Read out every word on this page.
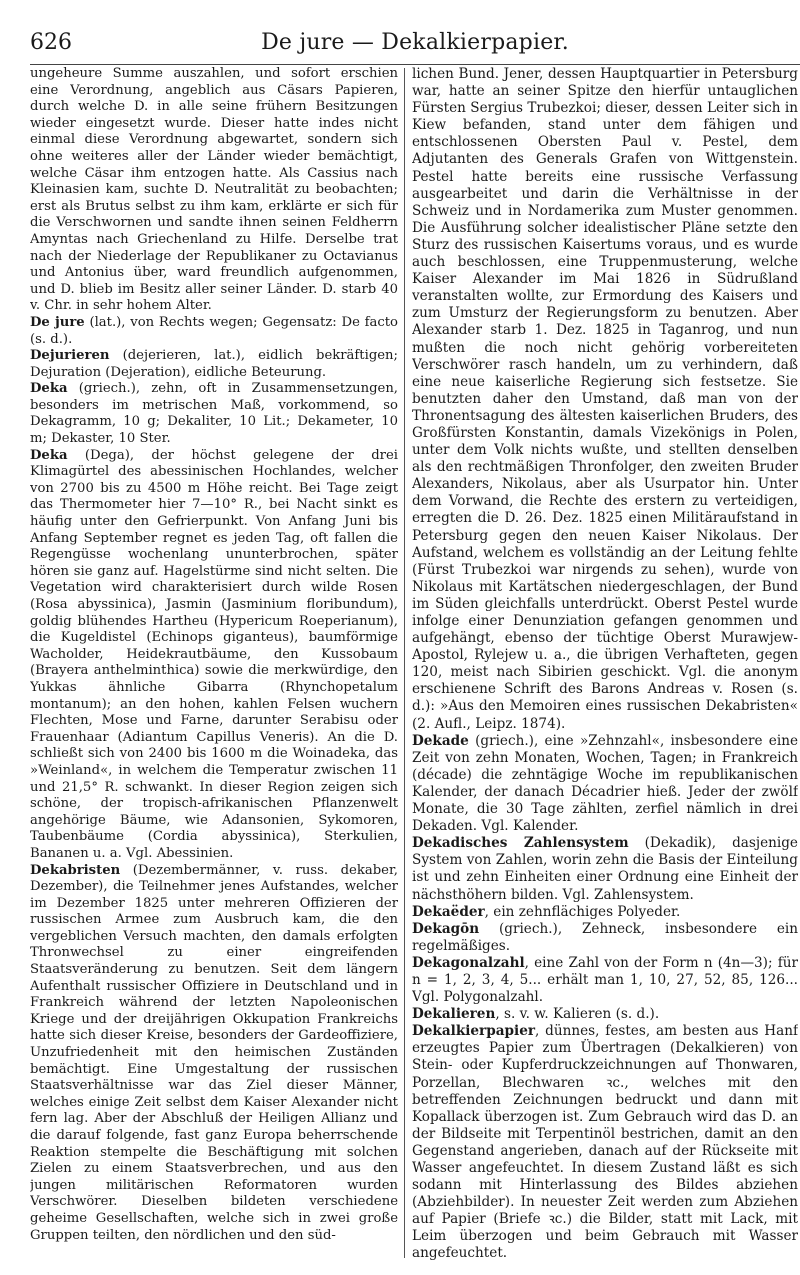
626	De jure — Dekalkierpapier.

ungeheure Summe auszahlen, und sofort erschien eine Verordnung, angeblich aus Cäsars Papieren, durch welche D. in alle seine frühern Besitzungen wieder eingesetzt wurde. Dieser hatte indes nicht einmal diese Verordnung abgewartet, sondern sich ohne weiteres aller der Länder wieder bemächtigt, welche Cäsar ihm entzogen hatte. Als Cassius nach Kleinasien kam, suchte D. Neutralität zu beobachten; erst als Brutus selbst zu ihm kam, erklärte er sich für die Verschwornen und sandte ihnen seinen Feldherrn Amyntas nach Griechenland zu Hilfe. Derselbe trat nach der Niederlage der Republikaner zu Octavianus und Antonius über, ward freundlich aufgenommen, und D. blieb im Besitz aller seiner Länder. D. starb 40 v. Chr. in sehr hohem Alter.

De jure (lat.), von Rechts wegen; Gegensatz: De facto (s. d.).

Dejurieren (dejerieren, lat.), eidlich bekräftigen; Dejuration (Dejeration), eidliche Beteurung.

Deka (griech.), zehn, oft in Zusammensetzungen, besonders im metrischen Maß, vorkommend, so Dekagramm, 10 g; Dekaliter, 10 Lit.; Dekameter, 10 m; Dekaster, 10 Ster.

Deka (Dega), der höchst gelegene der drei Klimagürtel des abessinischen Hochlandes, welcher von 2700 bis zu 4500 m Höhe reicht. Bei Tage zeigt das Thermometer hier 7—10° R., bei Nacht sinkt es häufig unter den Gefrierpunkt. Von Anfang Juni bis Anfang September regnet es jeden Tag, oft fallen die Regengüsse wochenlang ununterbrochen, später hören sie ganz auf. Hagelstürme sind nicht selten. Die Vegetation wird charakterisiert durch wilde Rosen (Rosa abyssinica), Jasmin (Jasminium floribundum), goldig blühendes Hartheu (Hypericum Roeperianum), die Kugeldistel (Echinops giganteus), baumförmige Wacholder, Heidekrautbäume, den Kussobaum (Brayera anthelminthica) sowie die merkwürdige, den Yukkas ähnliche Gibarra (Rhynchopetalum montanum); an den hohen, kahlen Felsen wuchern Flechten, Mose und Farne, darunter Serabisu oder Frauenhaar (Adiantum Capillus Veneris). An die D. schließt sich von 2400 bis 1600 m die Woinadeka, das »Weinland«, in welchem die Temperatur zwischen 11 und 21,5° R. schwankt. In dieser Region zeigen sich schöne, der tropisch-afrikanischen Pflanzenwelt angehörige Bäume, wie Adansonien, Sykomoren, Taubenbäume (Cordia abyssinica), Sterkulien, Bananen u. a. Vgl. Abessinien.

Dekabristen (Dezembermänner, v. russ. dekaber, Dezember), die Teilnehmer jenes Aufstandes, welcher im Dezember 1825 unter mehreren Offizieren der russischen Armee zum Ausbruch kam, die den vergeblichen Versuch machten, den damals erfolgten Thronwechsel zu einer eingreifenden Staatsveränderung zu benutzen. Seit dem längern Aufenthalt russischer Offiziere in Deutschland und in Frankreich während der letzten Napoleonischen Kriege und der dreijährigen Okkupation Frankreichs hatte sich dieser Kreise, besonders der Gardeoffiziere, Unzufriedenheit mit den heimischen Zuständen bemächtigt. Eine Umgestaltung der russischen Staatsverhältnisse war das Ziel dieser Männer, welches einige Zeit selbst dem Kaiser Alexander nicht fern lag. Aber der Abschluß der Heiligen Allianz und die darauf folgende, fast ganz Europa beherrschende Reaktion stempelte die Beschäftigung mit solchen Zielen zu einem Staatsverbrechen, und aus den jungen militärischen Reformatoren wurden Verschwörer. Dieselben bildeten verschiedene geheime Gesellschaften, welche sich in zwei große Gruppen teilten, den nördlichen und den süd-

lichen Bund. Jener, dessen Hauptquartier in Petersburg war, hatte an seiner Spitze den hierfür untauglichen Fürsten Sergius Trubezkoi; dieser, dessen Leiter sich in Kiew befanden, stand unter dem fähigen und entschlossenen Obersten Paul v. Pestel, dem Adjutanten des Generals Grafen von Wittgenstein. Pestel hatte bereits eine russische Verfassung ausgearbeitet und darin die Verhältnisse in der Schweiz und in Nordamerika zum Muster genommen. Die Ausführung solcher idealistischer Pläne setzte den Sturz des russischen Kaisertums voraus, und es wurde auch beschlossen, eine Truppenmusterung, welche Kaiser Alexander im Mai 1826 in Südrußland veranstalten wollte, zur Ermordung des Kaisers und zum Umsturz der Regierungsform zu benutzen. Aber Alexander starb 1. Dez. 1825 in Taganrog, und nun mußten die noch nicht gehörig vorbereiteten Verschwörer rasch handeln, um zu verhindern, daß eine neue kaiserliche Regierung sich festsetze. Sie benutzten daher den Umstand, daß man von der Thronentsagung des ältesten kaiserlichen Bruders, des Großfürsten Konstantin, damals Vizekönigs in Polen, unter dem Volk nichts wußte, und stellten denselben als den rechtmäßigen Thronfolger, den zweiten Bruder Alexanders, Nikolaus, aber als Usurpator hin. Unter dem Vorwand, die Rechte des erstern zu verteidigen, erregten die D. 26. Dez. 1825 einen Militäraufstand in Petersburg gegen den neuen Kaiser Nikolaus. Der Aufstand, welchem es vollständig an der Leitung fehlte (Fürst Trubezkoi war nirgends zu sehen), wurde von Nikolaus mit Kartätschen niedergeschlagen, der Bund im Süden gleichfalls unterdrückt. Oberst Pestel wurde infolge einer Denunziation gefangen genommen und aufgehängt, ebenso der tüchtige Oberst Murawjew-Apostol, Rylejew u. a., die übrigen Verhafteten, gegen 120, meist nach Sibirien geschickt. Vgl. die anonym erschienene Schrift des Barons Andreas v. Rosen (s. d.): »Aus den Memoiren eines russischen Dekabristen« (2. Aufl., Leipz. 1874).

Dekade (griech.), eine »Zehnzahl«, insbesondere eine Zeit von zehn Monaten, Wochen, Tagen; in Frankreich (décade) die zehntägige Woche im republikanischen Kalender, der danach Décadrier hieß. Jeder der zwölf Monate, die 30 Tage zählten, zerfiel nämlich in drei Dekaden. Vgl. Kalender.

Dekadisches Zahlensystem (Dekadik), dasjenige System von Zahlen, worin zehn die Basis der Einteilung ist und zehn Einheiten einer Ordnung eine Einheit der nächsthöhern bilden. Vgl. Zahlensystem.

Dekaëder, ein zehnflächiges Polyeder.

Dekagōn (griech.), Zehneck, insbesondere ein regelmäßiges.

Dekagonalzahl, eine Zahl von der Form n (4n—3); für n = 1, 2, 3, 4, 5... erhält man 1, 10, 27, 52, 85, 126... Vgl. Polygonalzahl.

Dekalieren, s. v. w. Kalieren (s. d.).

Dekalkierpapier, dünnes, festes, am besten aus Hanf erzeugtes Papier zum Übertragen (Dekalkieren) von Stein- oder Kupferdruckzeichnungen auf Thonwaren, Porzellan, Blechwaren ꝛc., welches mit den betreffenden Zeichnungen bedruckt und dann mit Kopallack überzogen ist. Zum Gebrauch wird das D. an der Bildseite mit Terpentinöl bestrichen, damit an den Gegenstand angerieben, danach auf der Rückseite mit Wasser angefeuchtet. In diesem Zustand läßt es sich sodann mit Hinterlassung des Bildes abziehen (Abziehbilder). In neuester Zeit werden zum Abziehen auf Papier (Briefe ꝛc.) die Bilder, statt mit Lack, mit Leim überzogen und beim Gebrauch mit Wasser angefeuchtet.
